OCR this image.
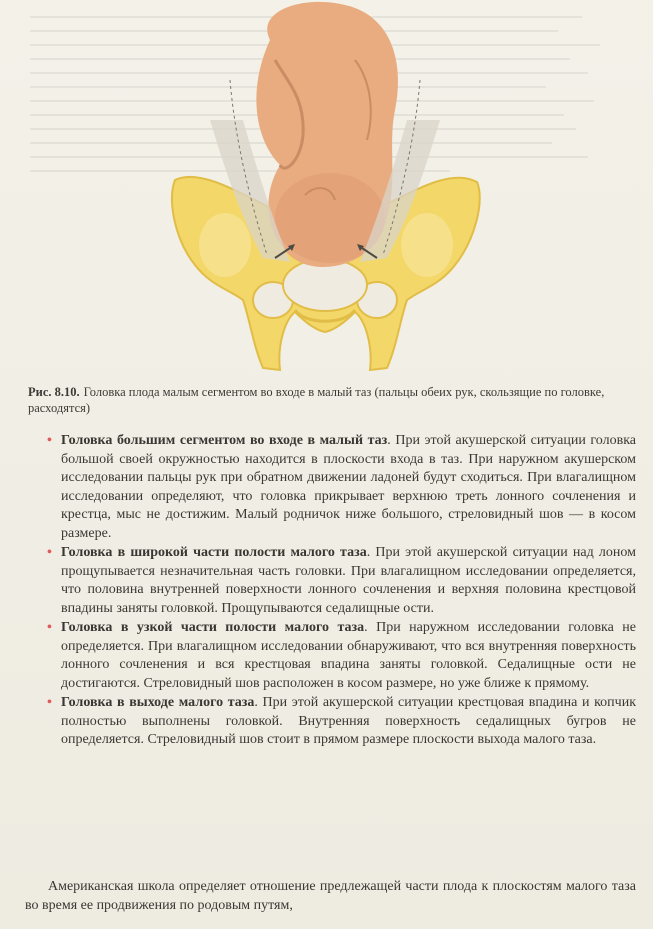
Рис. 8.10. Головка плода малым сегментом во входе в малый таз (пальцы обеих рук, скользящие по головке, расходятся)
• Головка большим сегментом во входе в малый таз. При этой акушерской ситуации головка большой своей окружностью находится в плоскости входа в таз. При наружном акушерском исследовании пальцы рук при обратном движении ладоней будут сходиться. При влагалищном исследовании определяют, что головка прикрывает верхнюю треть лонного сочленения и крестца, мыс не достижим. Малый родничок ниже большого, стреловидный шов — в косом размере.
• Головка в широкой части полости малого таза. При этой акушерской ситуации над лоном прощупывается незначительная часть головки. При влагалищном исследовании определяется, что половина внутренней поверхности лонного сочленения и верхняя половина крестцовой впадины заняты головкой. Прощупываются седалищные ости.
• Головка в узкой части полости малого таза. При наружном исследовании головка не определяется. При влагалищном исследовании обнаруживают, что вся внутренняя поверхность лонного сочленения и вся крестцовая впадина заняты головкой. Седалищные ости не достигаются. Стреловидный шов расположен в косом размере, но уже ближе к прямому.
• Головка в выходе малого таза. При этой акушерской ситуации крестцовая впадина и копчик полностью выполнены головкой. Внутренняя поверхность седалищных бугров не определяется. Стреловидный шов стоит в прямом размере плоскости выхода малого таза.
Американская школа определяет отношение предлежащей части плода к плоскостям малого таза во время ее продвижения по родовым путям,
